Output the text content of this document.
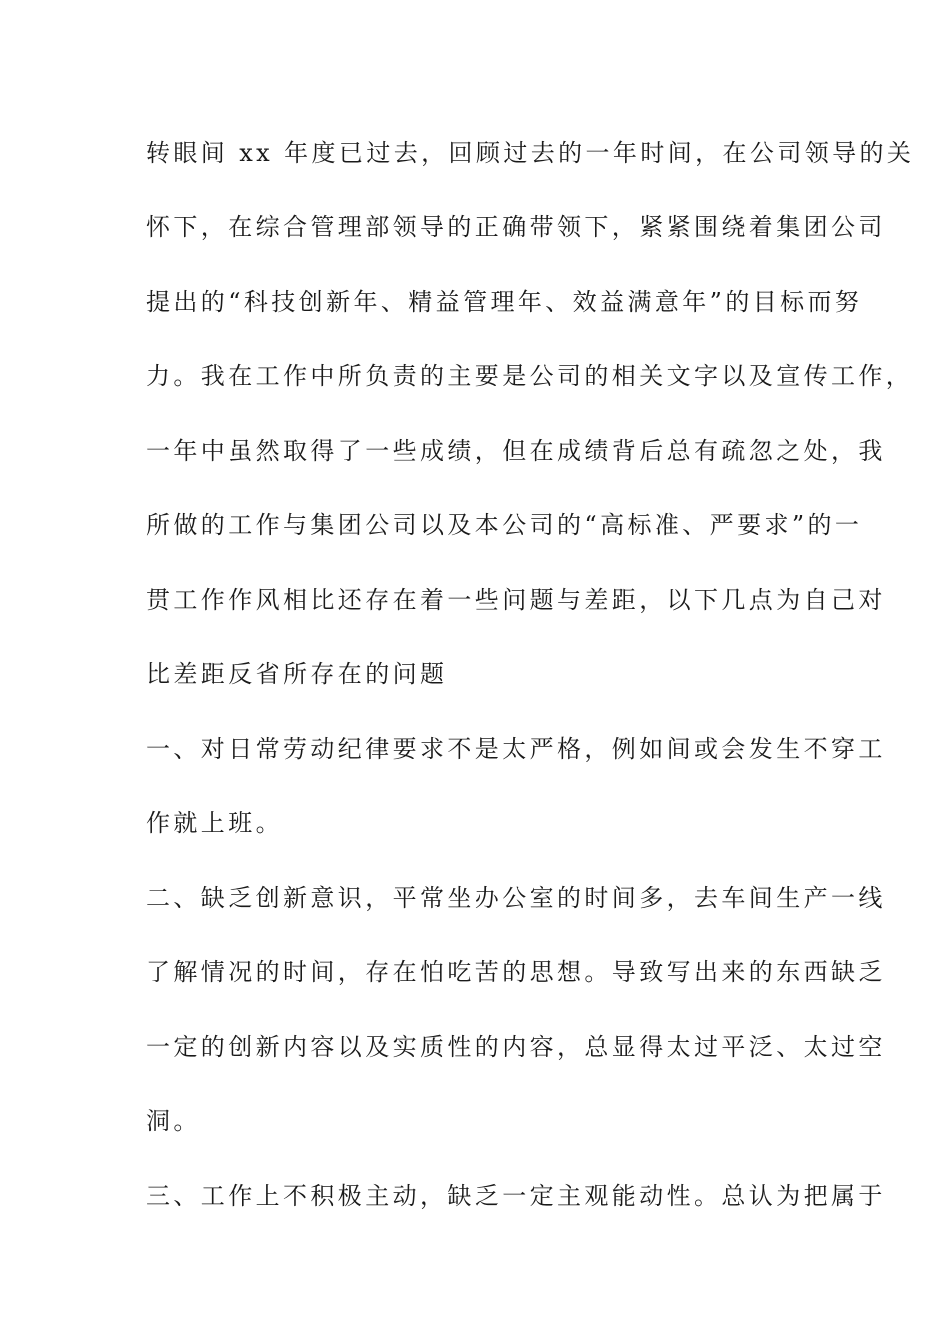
转眼间 xx 年度已过去，回顾过去的一年时间，在公司领导的关
怀下，在综合管理部领导的正确带领下，紧紧围绕着集团公司
提出的“科技创新年、精益管理年、效益满意年”的目标而努
力。我在工作中所负责的主要是公司的相关文字以及宣传工作，
一年中虽然取得了一些成绩，但在成绩背后总有疏忽之处，我
所做的工作与集团公司以及本公司的“高标准、严要求”的一
贯工作作风相比还存在着一些问题与差距，以下几点为自己对
比差距反省所存在的问题
一、对日常劳动纪律要求不是太严格，例如间或会发生不穿工
作就上班。
二、缺乏创新意识，平常坐办公室的时间多，去车间生产一线
了解情况的时间，存在怕吃苦的思想。导致写出来的东西缺乏
一定的创新内容以及实质性的内容，总显得太过平泛、太过空
洞。
三、工作上不积极主动，缺乏一定主观能动性。总认为把属于
